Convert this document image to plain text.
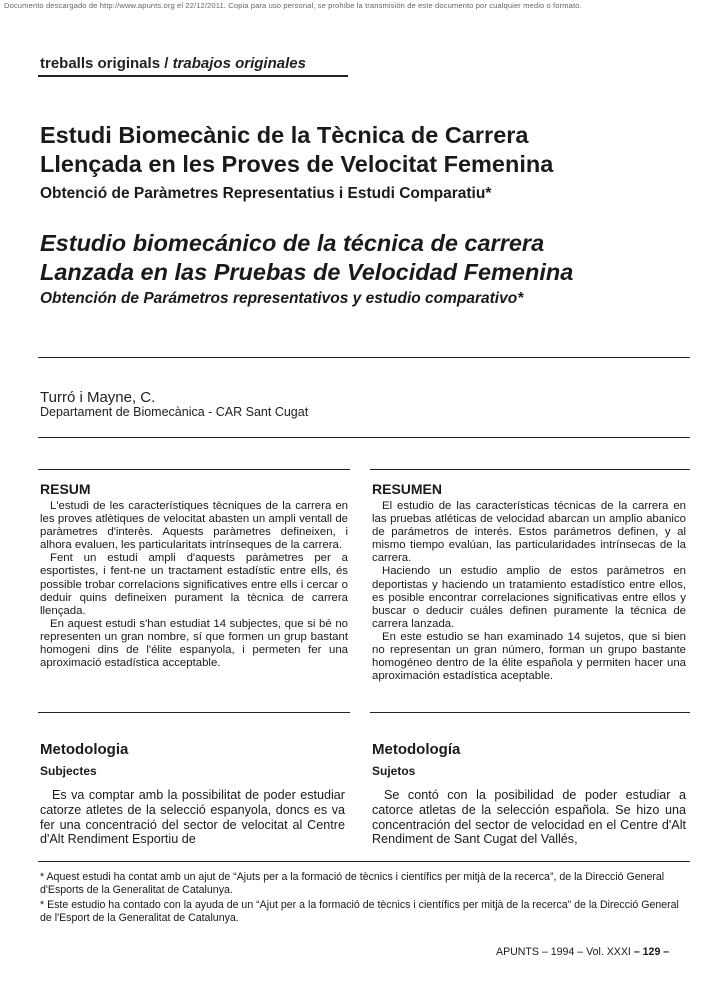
Documento descargado de http://www.apunts.org el 22/12/2011. Copia para uso personal, se prohíbe la transmisión de este documento por cualquier medio o formato.
treballs originals / trabajos originales
Estudi Biomecànic de la Tècnica de Carrera
Llençada en les Proves de Velocitat Femenina
Obtenció de Paràmetres Representatius i Estudi Comparatiu*
Estudio biomecánico de la técnica de carrera
Lanzada en las Pruebas de Velocidad Femenina
Obtención de Parámetros representativos y estudio comparativo*
Turró i Mayne, C.
Departament de Biomecànica - CAR Sant Cugat
RESUM

L'estudi de les característiques tècniques de la carrera en les proves atlètiques de velocitat abasten un ampli ventall de paràmetres d'interès. Aquests paràmetres defineixen, i alhora evaluen, les particularitats intrínseques de la carrera.

Fent un estudi ampli d'aquests paràmetres per a esportistes, i fent-ne un tractament estadístic entre ells, és possible trobar correlacions significatives entre ells i cercar o deduir quins defineixen purament la tècnica de carrera llençada.

En aquest estudi s'han estudiat 14 subjectes, que si bé no representen un gran nombre, sí que formen un grup bastant homogeni dins de l'élite espanyola, i permeten fer una aproximació estadística acceptable.

RESUMEN

El estudio de las características técnicas de la carrera en las pruebas atléticas de velocidad abarcan un amplio abanico de parámetros de interés. Estos parámetros definen, y al mismo tiempo evalúan, las particularidades intrínsecas de la carrera.

Haciendo un estudio amplio de estos parámetros en deportistas y haciendo un tratamiento estadístico entre ellos, es posible encontrar correlaciones significativas entre ellos y buscar o deducir cuáles definen puramente la técnica de carrera lanzada.

En este estudio se han examinado 14 sujetos, que si bien no representan un gran número, forman un grupo bastante homogéneo dentro de la élite española y permiten hacer una aproximación estadística aceptable.

Metodologia
Subjectes

Es va comptar amb la possibilitat de poder estudiar catorze atletes de la selecció espanyola, doncs es va fer una concentració del sector de velocitat al Centre d'Alt Rendiment Esportiu de

Metodología
Sujetos

Se contó con la posibilidad de poder estudiar a catorce atletas de la selección española. Se hizo una concentración del sector de velocidad en el Centre d'Alt Rendiment de Sant Cugat del Vallés,

* Aquest estudi ha contat amb un ajut de “Ajuts per a la formació de tècnics i científics per mitjà de la recerca”, de la Direcció General d'Esports de la Generalitat de Catalunya.
* Este estudio ha contado con la ayuda de un “Ajut per a la formació de tècnics i científics per mitjà de la recerca” de la Direcció General de l'Esport de la Generalitat de Catalunya.
APUNTS – 1994 – Vol. XXXI – 129 –
